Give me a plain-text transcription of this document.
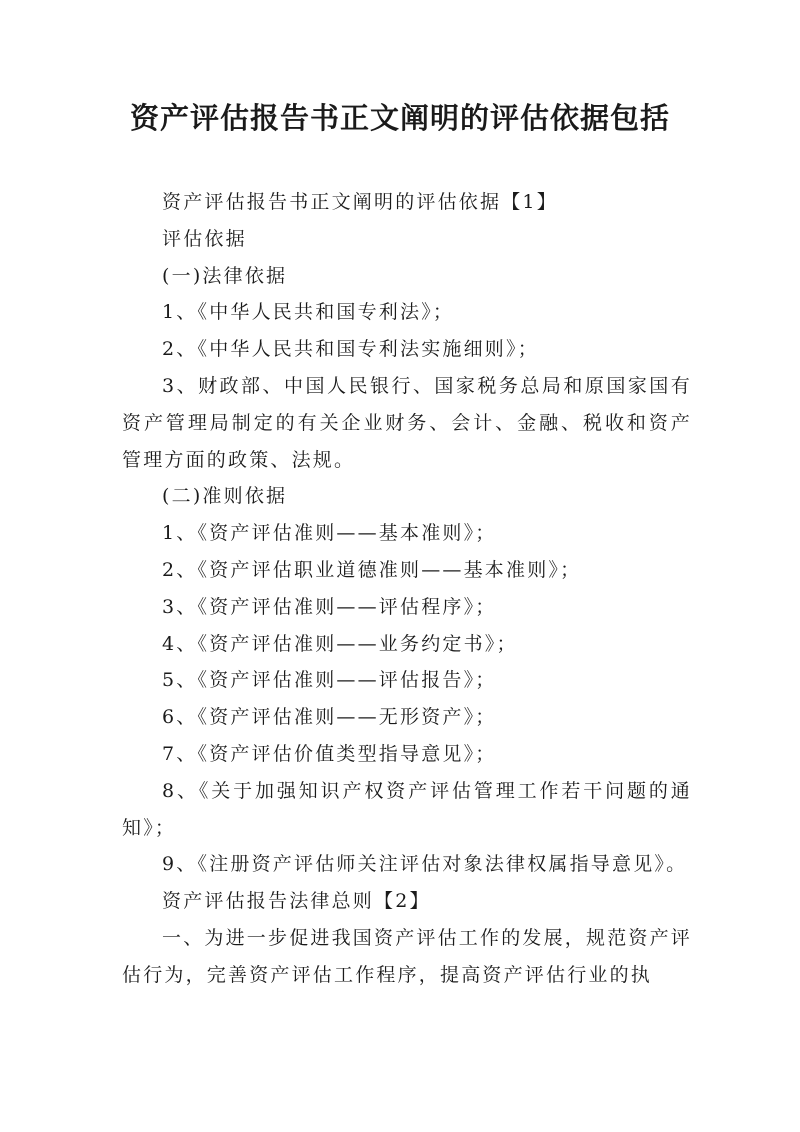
资产评估报告书正文阐明的评估依据包括

资产评估报告书正文阐明的评估依据【1】

评估依据

(一)法律依据

1、《中华人民共和国专利法》；

2、《中华人民共和国专利法实施细则》；

3、财政部、中国人民银行、国家税务总局和原国家国有资产管理局制定的有关企业财务、会计、金融、税收和资产管理方面的政策、法规。

(二)准则依据

1、《资产评估准则——基本准则》；

2、《资产评估职业道德准则——基本准则》；

3、《资产评估准则——评估程序》；

4、《资产评估准则——业务约定书》；

5、《资产评估准则——评估报告》；

6、《资产评估准则——无形资产》；

7、《资产评估价值类型指导意见》；

8、《关于加强知识产权资产评估管理工作若干问题的通知》；

9、《注册资产评估师关注评估对象法律权属指导意见》。

资产评估报告法律总则【2】

一、为进一步促进我国资产评估工作的发展，规范资产评估行为，完善资产评估工作程序，提高资产评估行业的执
